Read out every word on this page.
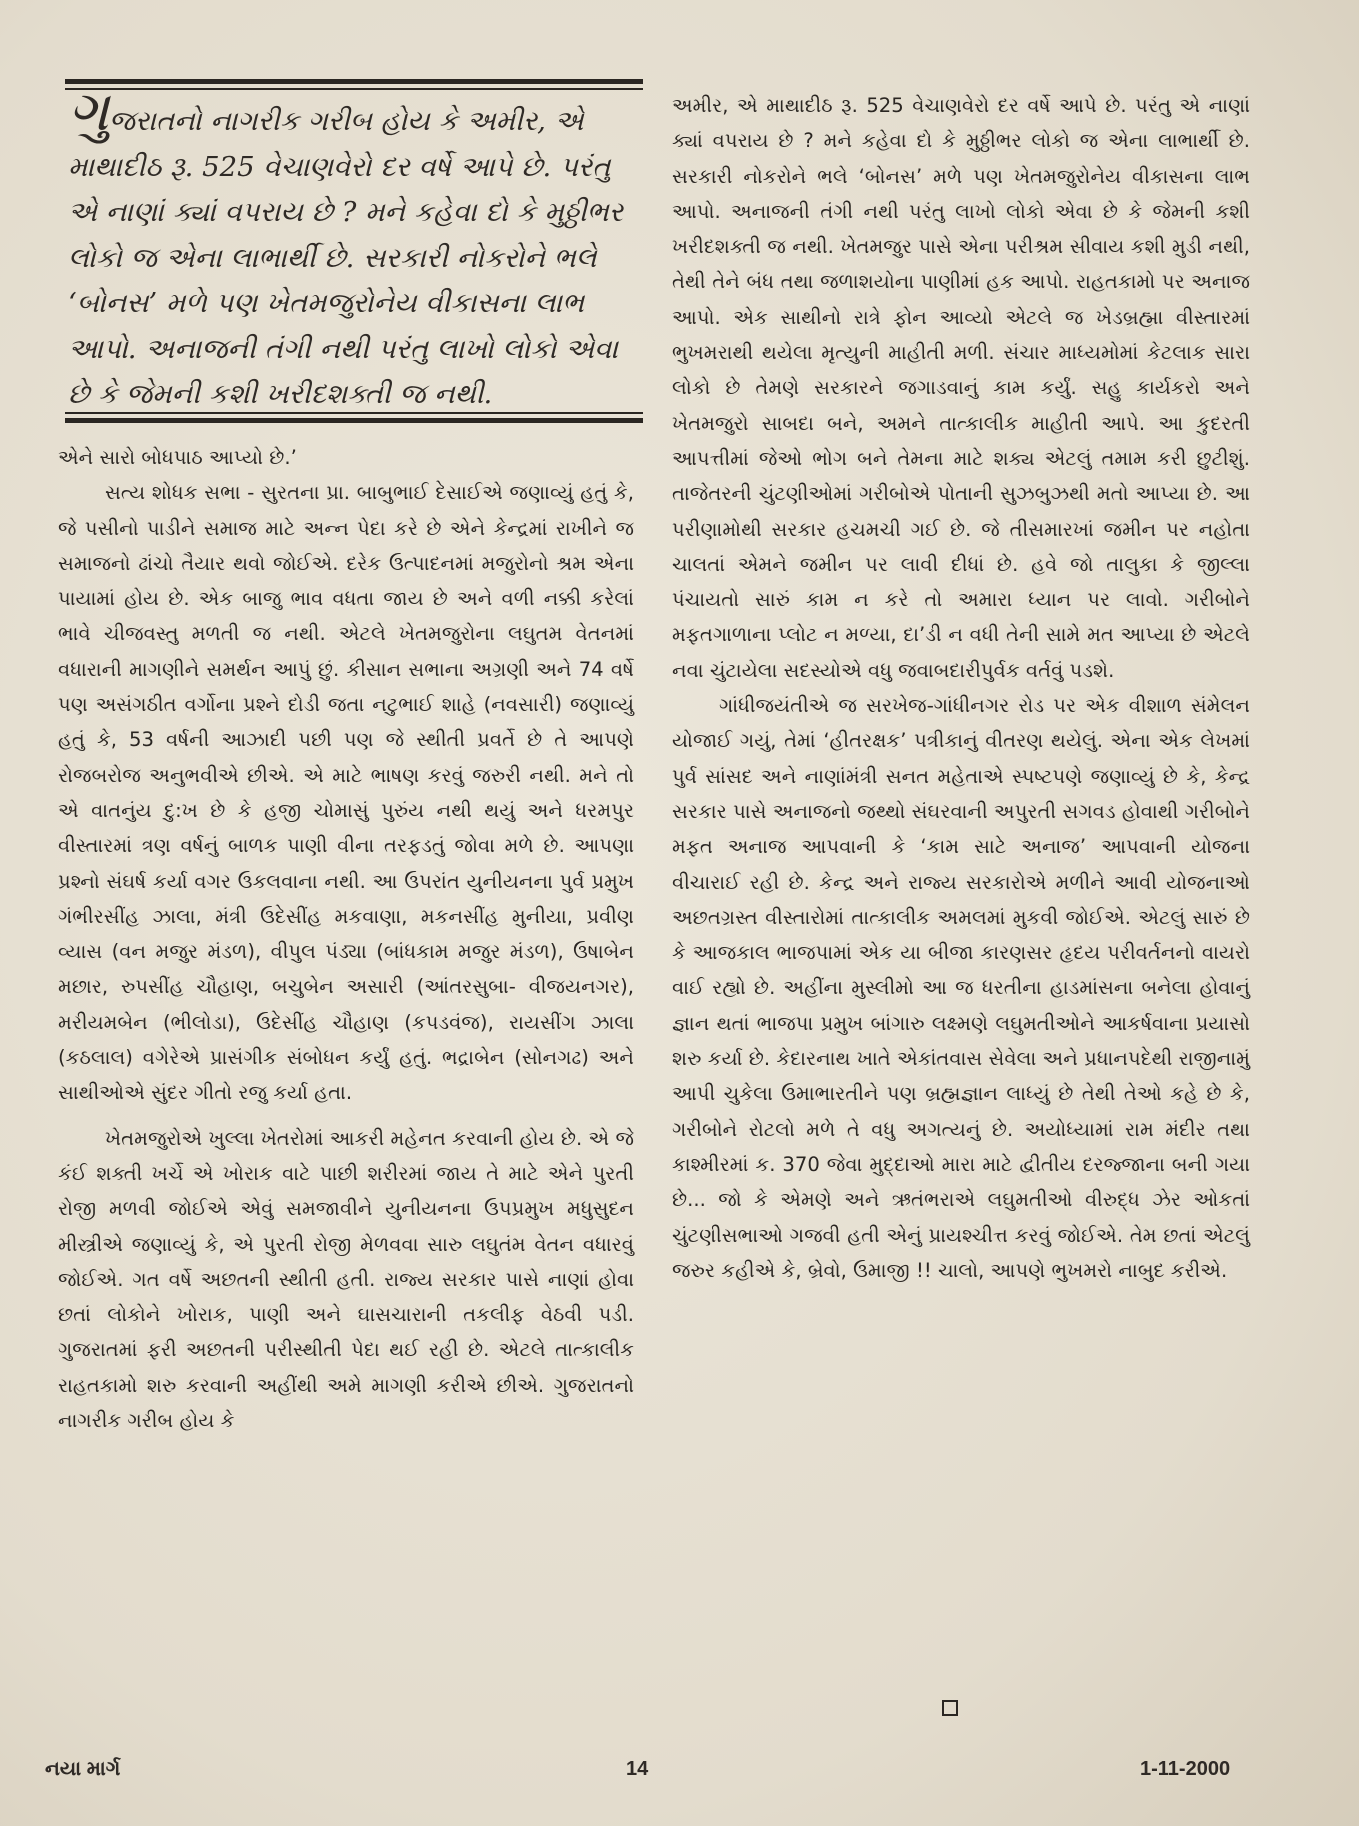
ગુજરાતનો નાગરીક ગરીબ હોય કે અમીર, એ માથાદીઠ રૂ. 525 વેચાણવેરો દર વર્ષે આપે છે. પરંતુ એ નાણાં ક્યાં વપરાય છે ? મને કહેવા દો કે મુઠ્ઠીભર લોકો જ એના લાભાર્થી છે. સરકારી નોકરોને ભલે ‘બોનસ’ મળે પણ ખેતમજુરોનેય વીકાસના લાભ આપો. અનાજની તંગી નથી પરંતુ લાખો લોકો એવા છે કે જેમની કશી ખરીદશક્તી જ નથી.

એને સારો બોધપાઠ આપ્યો છે.’

સત્ય શોધક સભા - સુરતના પ્રા. બાબુભાઈ દેસાઈએ જણાવ્યું હતું કે, જે પસીનો પાડીને સમાજ માટે અન્ન પેદા કરે છે એને કેન્દ્રમાં રાખીને જ સમાજનો ઢાંચો તૈયાર થવો જોઈએ. દરેક ઉત્પાદનમાં મજુરોનો શ્રમ એના પાયામાં હોય છે. એક બાજુ ભાવ વધતા જાય છે અને વળી નક્કી કરેલાં ભાવે ચીજવસ્તુ મળતી જ નથી. એટલે ખેતમજુરોના લઘુતમ વેતનમાં વધારાની માગણીને સમર્થન આપું છું. કીસાન સભાના અગ્રણી અને 74 વર્ષે પણ અસંગઠીત વર્ગોના પ્રશ્ને દોડી જતા નટુભાઈ શાહે (નવસારી) જણાવ્યું હતું કે, 53 વર્ષની આઝાદી પછી પણ જે સ્થીતી પ્રવર્તે છે તે આપણે રોજબરોજ અનુભવીએ છીએ. એ માટે ભાષણ કરવું જરુરી નથી. મને તો એ વાતનુંય દુ:ખ છે કે હજી ચોમાસું પુરુંય નથી થયું અને ધરમપુર વીસ્તારમાં ત્રણ વર્ષનું બાળક પાણી વીના તરફડતું જોવા મળે છે. આપણા પ્રશ્નો સંઘર્ષ કર્યા વગર ઉકલવાના નથી. આ ઉપરાંત યુનીયનના પુર્વ પ્રમુખ ગંભીરસીંહ ઝાલા, મંત્રી ઉદેસીંહ મકવાણા, મકનસીંહ મુનીયા, પ્રવીણ વ્યાસ (વન મજુર મંડળ), વીપુલ પંડ્યા (બાંધકામ મજુર મંડળ), ઉષાબેન મછાર, રુપસીંહ ચૌહાણ, બચુબેન અસારી (આંતરસુબા- વીજયનગર), મરીયમબેન (ભીલોડા), ઉદેસીંહ ચૌહાણ (કપડવંજ), રાયસીંગ ઝાલા (કઠલાલ) વગેરેએ પ્રાસંગીક સંબોધન કર્યું હતું. ભદ્રાબેન (સોનગઢ) અને સાથીઓએ સુંદર ગીતો રજુ કર્યા હતા.

ખેતમજુરોએ ખુલ્લા ખેતરોમાં આકરી મહેનત કરવાની હોય છે. એ જે કંઈ શક્તી ખર્ચે એ ખોરાક વાટે પાછી શરીરમાં જાય તે માટે એને પુરતી રોજી મળવી જોઈએ એવું સમજાવીને યુનીયનના ઉપપ્રમુખ મધુસુદન મીસ્ત્રીએ જણાવ્યું કે, એ પુરતી રોજી મેળવવા સારુ લઘુતંમ વેતન વધારવું જોઈએ. ગત વર્ષે અછતની સ્થીતી હતી. રાજ્ય સરકાર પાસે નાણાં હોવા છતાં લોકોને ખોરાક, પાણી અને ઘાસચારાની તકલીફ વેઠવી પડી. ગુજરાતમાં ફરી અછતની પરીસ્થીતી પેદા થઈ રહી છે. એટલે તાત્કાલીક રાહતકામો શરુ કરવાની અહીંથી અમે માગણી કરીએ છીએ. ગુજરાતનો નાગરીક ગરીબ હોય કે

અમીર, એ માથાદીઠ રૂ. 525 વેચાણવેરો દર વર્ષે આપે છે. પરંતુ એ નાણાં ક્યાં વપરાય છે ? મને કહેવા દો કે મુઠ્ઠીભર લોકો જ એના લાભાર્થી છે. સરકારી નોકરોને ભલે ‘બોનસ’ મળે પણ ખેતમજુરોનેય વીકાસના લાભ આપો. અનાજની તંગી નથી પરંતુ લાખો લોકો એવા છે કે જેમની કશી ખરીદશક્તી જ નથી. ખેતમજુર પાસે એના પરીશ્રમ સીવાય કશી મુડી નથી, તેથી તેને બંધ તથા જળાશયોના પાણીમાં હક આપો. રાહતકામો પર અનાજ આપો. એક સાથીનો રાત્રે ફોન આવ્યો એટલે જ ખેડબ્રહ્મા વીસ્તારમાં ભુખમરાથી થયેલા મૃત્યુની માહીતી મળી. સંચાર માધ્યમોમાં કેટલાક સારા લોકો છે તેમણે સરકારને જગાડવાનું કામ કર્યું. સહુ કાર્યકરો અને ખેતમજુરો સાબદા બને, અમને તાત્કાલીક માહીતી આપે. આ કુદરતી આપત્તીમાં જેઓ ભોગ બને તેમના માટે શક્ય એટલું તમામ કરી છુટીશું. તાજેતરની ચુંટણીઓમાં ગરીબોએ પોતાની સુઝબુઝથી મતો આપ્યા છે. આ પરીણામોથી સરકાર હચમચી ગઈ છે. જે તીસમારખાં જમીન પર નહોતા ચાલતાં એમને જમીન પર લાવી દીધાં છે. હવે જો તાલુકા કે જીલ્લા પંચાયતો સારું કામ ન કરે તો અમારા ધ્યાન પર લાવો. ગરીબોને મફતગાળાના પ્લોટ ન મળ્યા, દા’ડી ન વધી તેની સામે મત આપ્યા છે એટલે નવા ચુંટાયેલા સદસ્યોએ વધુ જવાબદારીપુર્વક વર્તવું પડશે.

ગાંધીજયંતીએ જ સરખેજ-ગાંધીનગર રોડ પર એક વીશાળ સંમેલન યોજાઈ ગયું, તેમાં ‘હીતરક્ષક’ પત્રીકાનું વીતરણ થયેલું. એના એક લેખમાં પુર્વ સાંસદ અને નાણાંમંત્રી સનત મહેતાએ સ્પષ્ટપણે જણાવ્યું છે કે, કેન્દ્ર સરકાર પાસે અનાજનો જથ્થો સંઘરવાની અપુરતી સગવડ હોવાથી ગરીબોને મફત અનાજ આપવાની કે ‘કામ સાટે અનાજ’ આપવાની યોજના વીચારાઈ રહી છે. કેન્દ્ર અને રાજ્ય સરકારોએ મળીને આવી યોજનાઓ અછતગ્રસ્ત વીસ્તારોમાં તાત્કાલીક અમલમાં મુકવી જોઈએ. એટલું સારું છે કે આજકાલ ભાજપામાં એક યા બીજા કારણસર હૃદય પરીવર્તનનો વાયરો વાઈ રહ્યો છે. અહીંના મુસ્લીમો આ જ ધરતીના હાડમાંસના બનેલા હોવાનું જ્ઞાન થતાં ભાજપા પ્રમુખ બાંગારુ લક્ષ્મણે લઘુમતીઓને આકર્ષવાના પ્રયાસો શરુ કર્યા છે. કેદારનાથ ખાતે એકાંતવાસ સેવેલા અને પ્રધાનપદેથી રાજીનામું આપી ચુકેલા ઉમાભારતીને પણ બ્રહ્મજ્ઞાન લાધ્યું છે તેથી તેઓ કહે છે કે, ગરીબોને રોટલો મળે તે વધુ અગત્યનું છે. અયોધ્યામાં રામ મંદીર તથા કાશ્મીરમાં ક. 370 જેવા મુદ્દાઓ મારા માટે દ્વીતીય દરજ્જાના બની ગયા છે... જો કે એમણે અને ઋતંભરાએ લઘુમતીઓ વીરુદ્ધ ઝેર ઓકતાં ચુંટણીસભાઓ ગજવી હતી એનું પ્રાયશ્ચીત્ત કરવું જોઈએ. તેમ છતાં એટલું જરુર કહીએ કે, બ્રેવો, ઉમાજી !! ચાલો, આપણે ભુખમરો નાબુદ કરીએ.

નયા માર્ગ	14	1-11-2000
